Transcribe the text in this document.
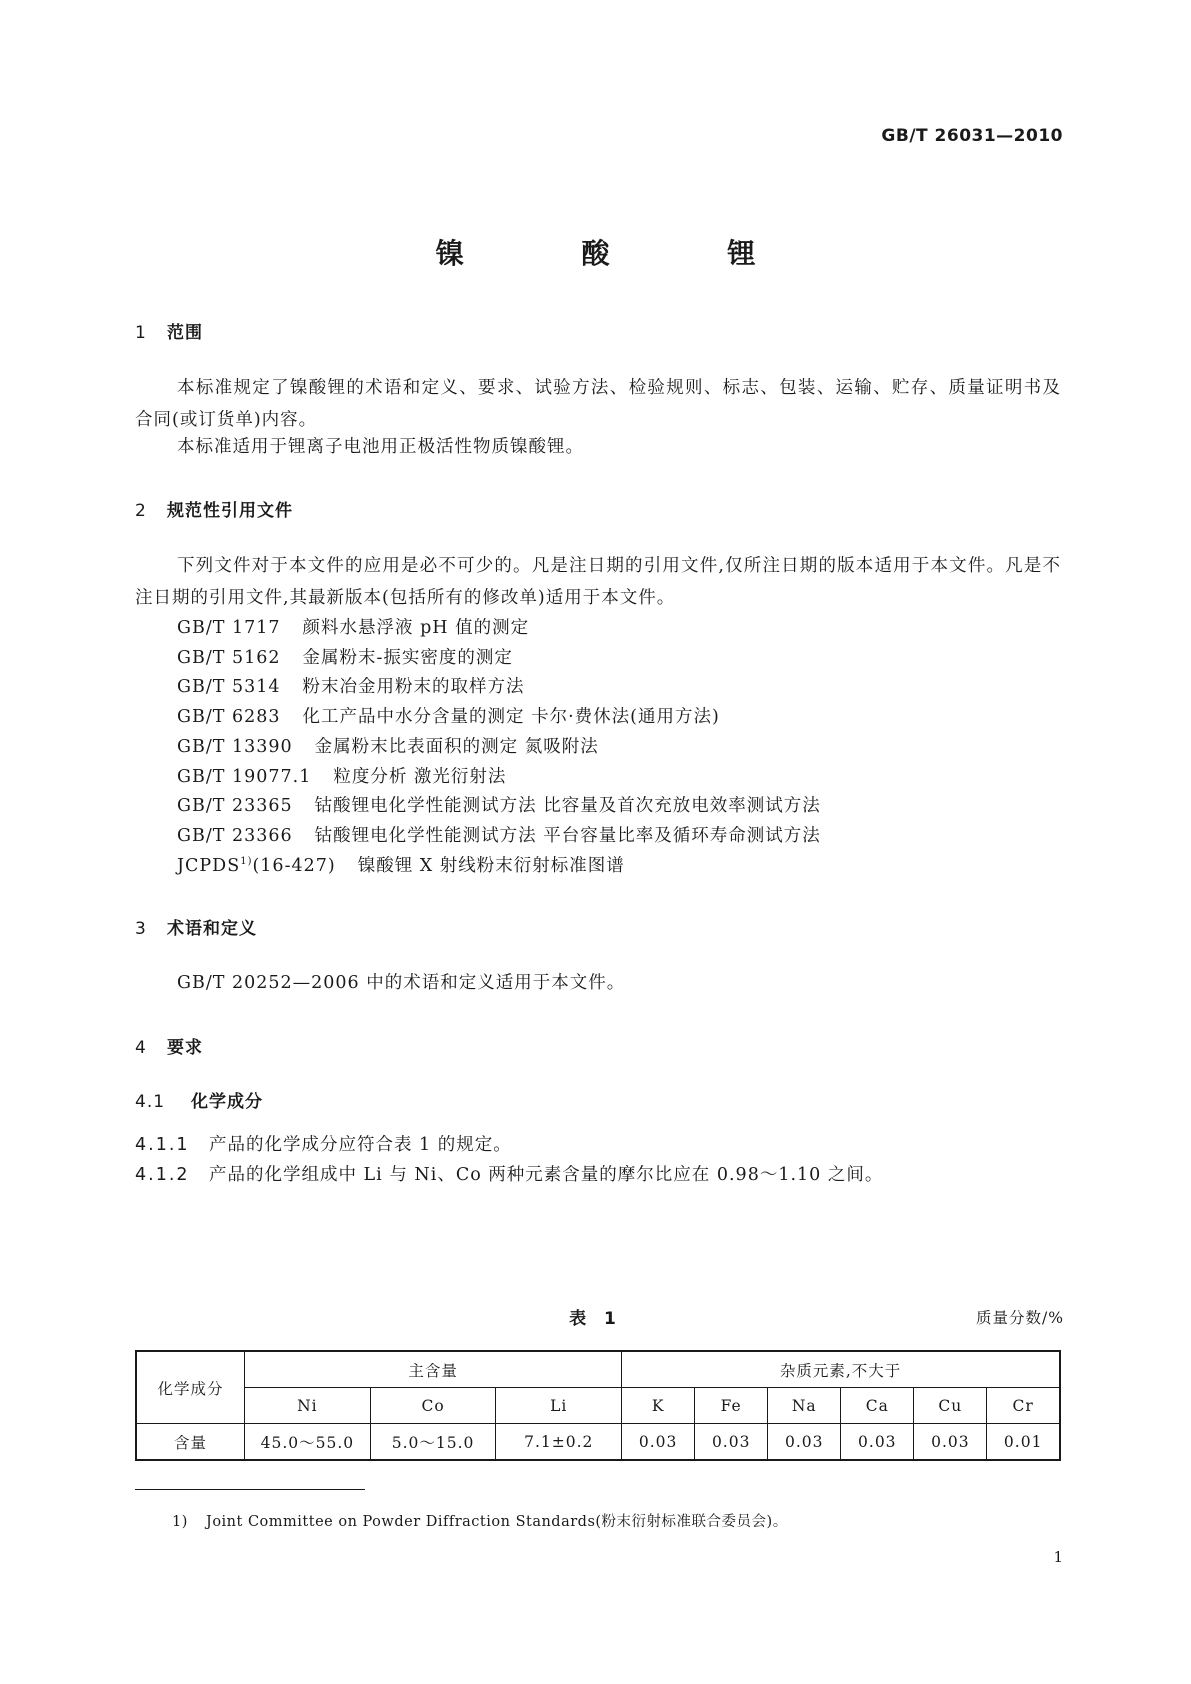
GB/T 26031—2010
镍 酸 锂
1 范围
本标准规定了镍酸锂的术语和定义、要求、试验方法、检验规则、标志、包装、运输、贮存、质量证明书及合同(或订货单)内容。
本标准适用于锂离子电池用正极活性物质镍酸锂。
2 规范性引用文件
下列文件对于本文件的应用是必不可少的。凡是注日期的引用文件,仅所注日期的版本适用于本文件。凡是不注日期的引用文件,其最新版本(包括所有的修改单)适用于本文件。
GB/T 1717 颜料水悬浮液 pH 值的测定
GB/T 5162 金属粉末-振实密度的测定
GB/T 5314 粉末冶金用粉末的取样方法
GB/T 6283 化工产品中水分含量的测定 卡尔·费休法(通用方法)
GB/T 13390 金属粉末比表面积的测定 氮吸附法
GB/T 19077.1 粒度分析 激光衍射法
GB/T 23365 钴酸锂电化学性能测试方法 比容量及首次充放电效率测试方法
GB/T 23366 钴酸锂电化学性能测试方法 平台容量比率及循环寿命测试方法
JCPDS$^{1)}$(16-427) 镍酸锂 X 射线粉末衍射标准图谱
3 术语和定义
GB/T 20252—2006 中的术语和定义适用于本文件。
4 要求
4.1 化学成分
4.1.1 产品的化学成分应符合表 1 的规定。
4.1.2 产品的化学组成中 Li 与 Ni、Co 两种元素含量的摩尔比应在 0.98～1.10 之间。
表 1	质量分数/%
化学成分	主含量			杂质元素,不大于					
	Ni	Co	Li	K	Fe	Na	Ca	Cu	Cr
含量	45.0～55.0	5.0～15.0	7.1±0.2	0.03	0.03	0.03	0.03	0.03	0.01
1) Joint Committee on Powder Diffraction Standards(粉末衍射标准联合委员会)。
1
